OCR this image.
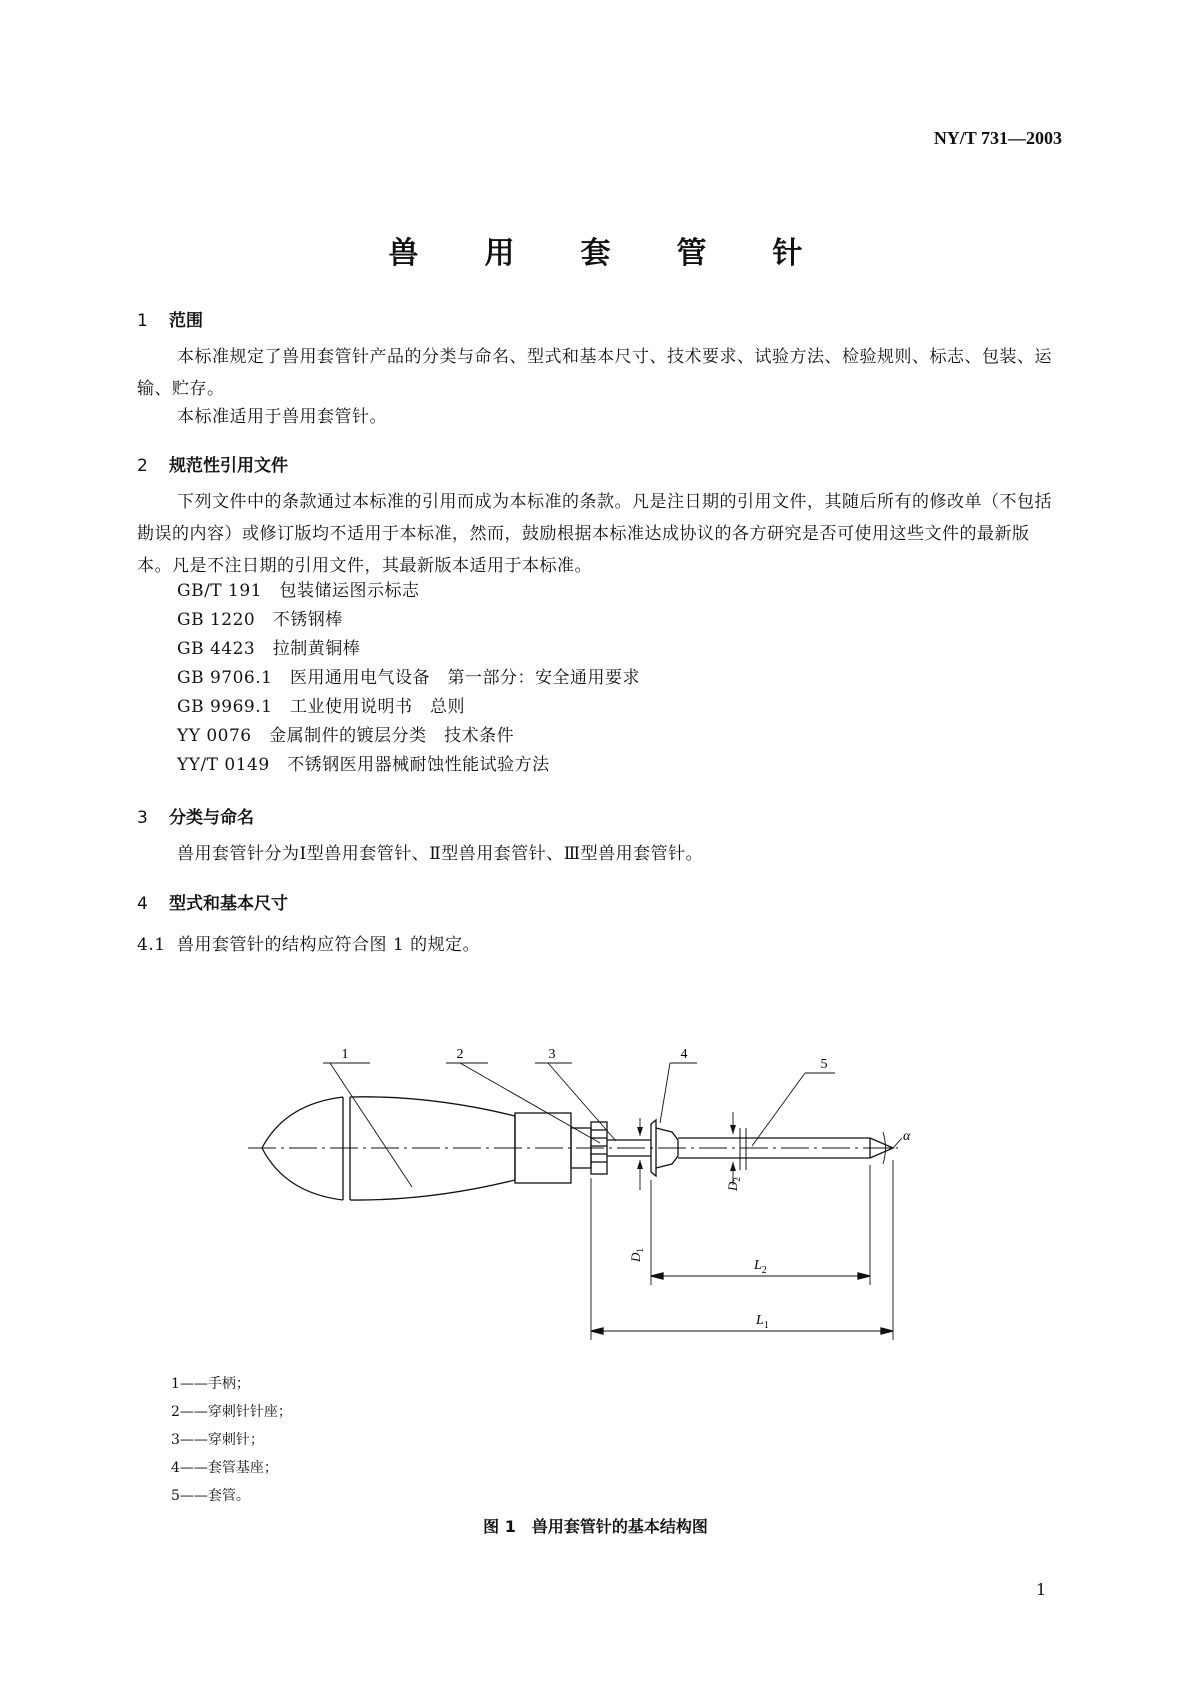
NY/T 731—2003
兽 用 套 管 针
1 范围
本标准规定了兽用套管针产品的分类与命名、型式和基本尺寸、技术要求、试验方法、检验规则、标志、包装、运输、贮存。
本标准适用于兽用套管针。
2 规范性引用文件
下列文件中的条款通过本标准的引用而成为本标准的条款。凡是注日期的引用文件，其随后所有的修改单（不包括勘误的内容）或修订版均不适用于本标准，然而，鼓励根据本标准达成协议的各方研究是否可使用这些文件的最新版本。凡是不注日期的引用文件，其最新版本适用于本标准。
GB/T 191　 包装储运图示标志
GB 1220　 不锈钢棒
GB 4423　 拉制黄铜棒
GB 9706.1　 医用通用电气设备　第一部分：安全通用要求
GB 9969.1　 工业使用说明书　总则
YY 0076　 金属制件的镀层分类　技术条件
YY/T 0149　 不锈钢医用器械耐蚀性能试验方法
3 分类与命名
兽用套管针分为Ⅰ型兽用套管针、Ⅱ型兽用套管针、Ⅲ型兽用套管针。
4 型式和基本尺寸
4.1 兽用套管针的结构应符合图 1 的规定。
1	2	3	4
5
$D_1$
$D_2$
$L_2$
$L_1$
α
1——手柄；
2——穿刺针针座；
3——穿刺针；
4——套管基座；
5——套管。
图 1　兽用套管针的基本结构图
1
